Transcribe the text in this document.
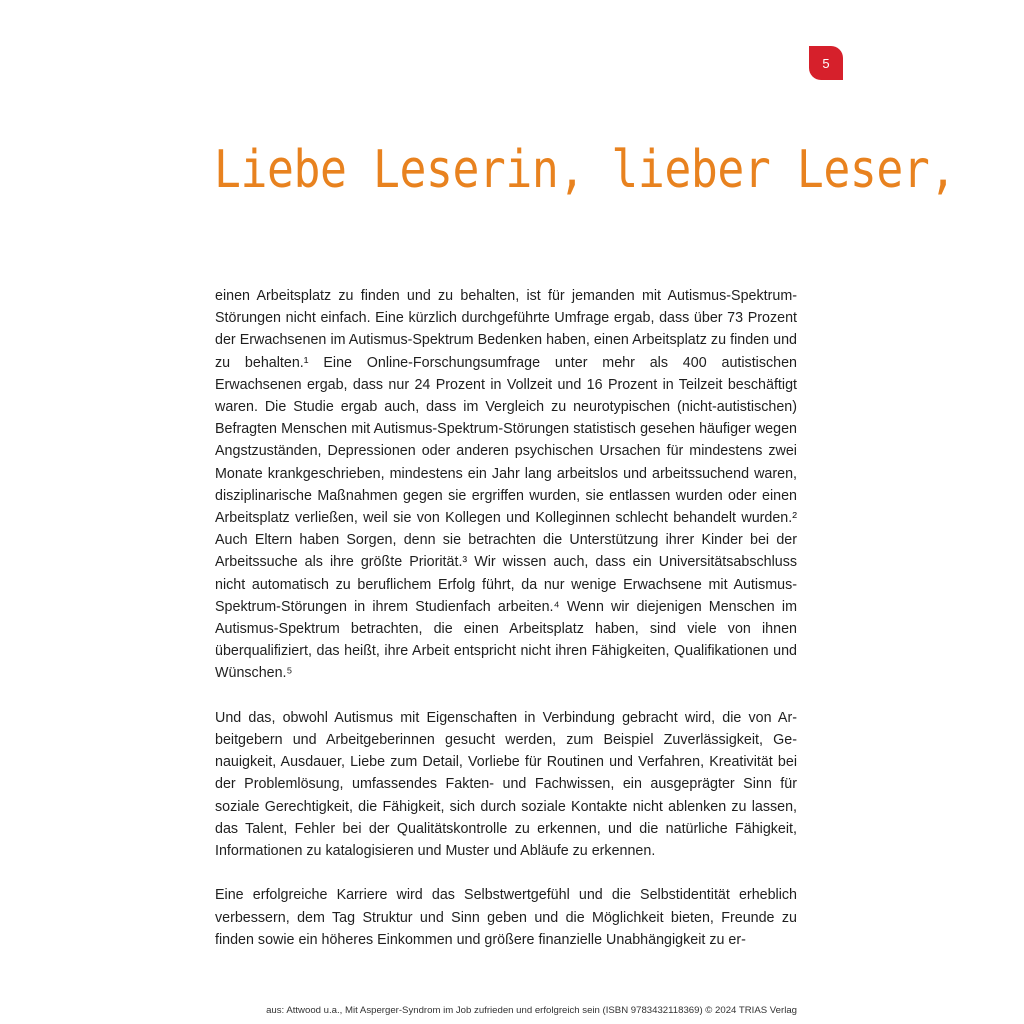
5
Liebe Leserin, lieber Leser,

einen Arbeitsplatz zu finden und zu behalten, ist für jemanden mit Autismus-Spektrum-Störungen nicht einfach. Eine kürzlich durchgeführte Umfrage ergab, dass über 73 Prozent der Erwachsenen im Autismus-Spektrum Bedenken haben, einen Arbeitsplatz zu finden und zu behalten.¹ Eine Online-Forschungsumfrage unter mehr als 400 autistischen Erwachsenen ergab, dass nur 24 Prozent in Vollzeit und 16 Prozent in Teilzeit beschäftigt waren. Die Studie ergab auch, dass im Vergleich zu neurotypischen (nicht-autistischen) Befragten Menschen mit Autismus-Spektrum-Störungen statistisch gesehen häufiger wegen Angstzuständen, Depressionen oder anderen psychischen Ursachen für mindestens zwei Monate krankgeschrieben, mindestens ein Jahr lang arbeitslos und arbeitssuchend waren, disziplinarische Maßnahmen gegen sie ergriffen wurden, sie entlassen wurden oder einen Arbeitsplatz verließen, weil sie von Kollegen und Kolleginnen schlecht behandelt wurden.² Auch Eltern haben Sorgen, denn sie betrachten die Unterstützung ihrer Kinder bei der Arbeitssuche als ihre größte Priorität.³ Wir wissen auch, dass ein Universitätsabschluss nicht automatisch zu beruflichem Erfolg führt, da nur wenige Erwachsene mit Autismus-Spektrum-Störungen in ihrem Studienfach arbeiten.⁴ Wenn wir diejenigen Menschen im Autismus-Spektrum betrachten, die einen Arbeitsplatz haben, sind viele von ihnen überqualifiziert, das heißt, ihre Arbeit entspricht nicht ihren Fähigkeiten, Qualifikationen und Wünschen.⁵

Und das, obwohl Autismus mit Eigenschaften in Verbindung gebracht wird, die von Arbeitgebern und Arbeitgeberinnen gesucht werden, zum Beispiel Zuverlässigkeit, Genauigkeit, Ausdauer, Liebe zum Detail, Vorliebe für Routinen und Verfahren, Kreativität bei der Problemlösung, umfassendes Fakten- und Fachwissen, ein ausgeprägter Sinn für soziale Gerechtigkeit, die Fähigkeit, sich durch soziale Kontakte nicht ablenken zu lassen, das Talent, Fehler bei der Qualitätskontrolle zu erkennen, und die natürliche Fähigkeit, Informationen zu katalogisieren und Muster und Abläufe zu erkennen.

Eine erfolgreiche Karriere wird das Selbstwertgefühl und die Selbstidentität erheblich verbessern, dem Tag Struktur und Sinn geben und die Möglichkeit bieten, Freunde zu finden sowie ein höheres Einkommen und größere finanzielle Unabhängigkeit zu er-

aus: Attwood u.a., Mit Asperger-Syndrom im Job zufrieden und erfolgreich sein (ISBN 9783432118369) © 2024 TRIAS Verlag
